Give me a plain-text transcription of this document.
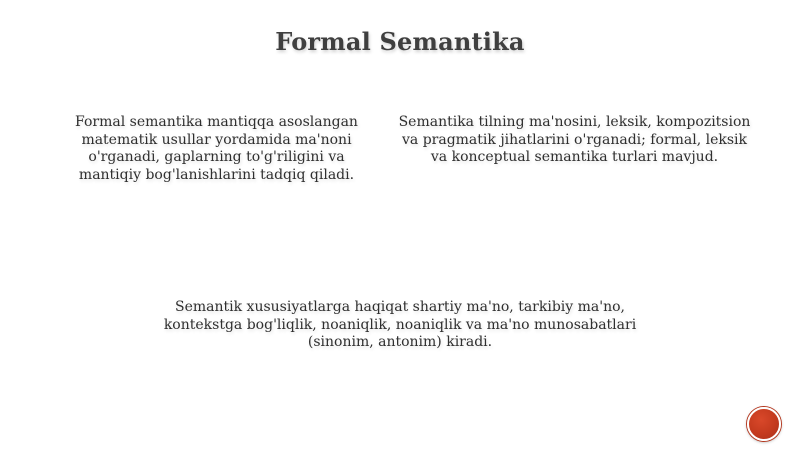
Formal Semantika
Formal semantika mantiqqa asoslangan matematik usullar yordamida ma'noni o'rganadi, gaplarning to'g'riligini va mantiqiy bog'lanishlarini tadqiq qiladi.
Semantika tilning ma'nosini, leksik, kompozitsion va pragmatik jihatlarini o'rganadi; formal, leksik va konceptual semantika turlari mavjud.
Semantik xususiyatlarga haqiqat shartiy ma'no, tarkibiy ma'no, kontekstga bog'liqlik, noaniqlik, noaniqlik va ma'no munosabatlari (sinonim, antonim) kiradi.
